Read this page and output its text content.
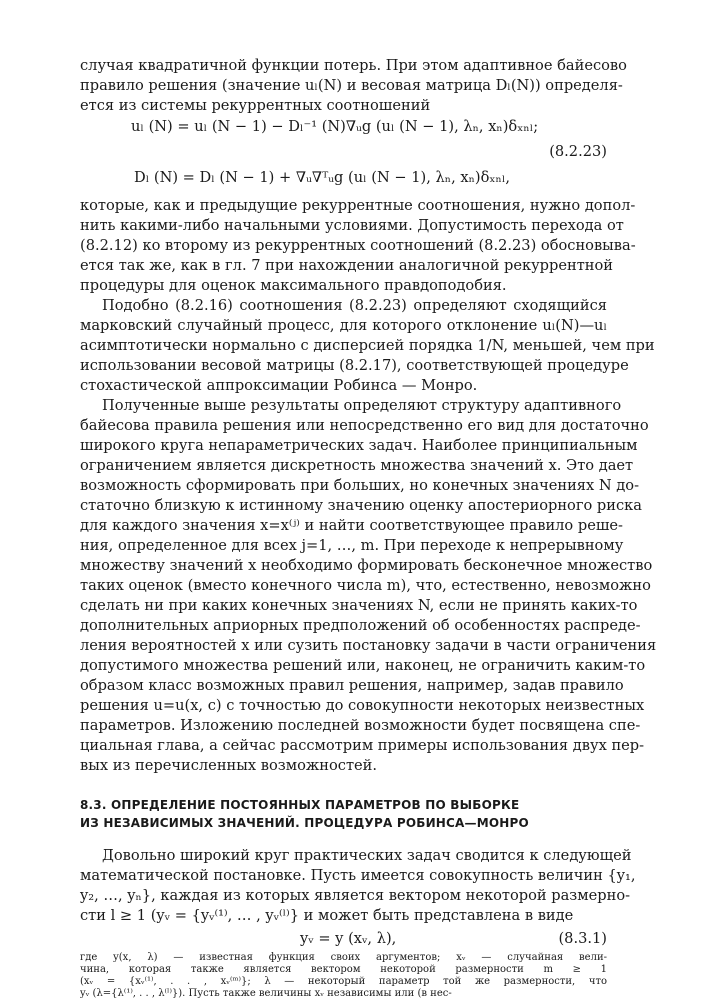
случая квадратичной функции потерь. При этом адаптивное байесово
правило решения (значение uₗ(N) и весовая матрица Dₗ(N)) определя-
ется из системы рекуррентных соотношений
uₗ (N) = uₗ (N − 1) − Dₗ⁻¹ (N)∇ᵤg (uₗ (N − 1), λₙ, xₙ)δₓₙₗ;
(8.2.23)
Dₗ (N) = Dₗ (N − 1) + ∇ᵤ∇ᵀᵤg (uₗ (N − 1), λₙ, xₙ)δₓₙₗ,
которые, как и предыдущие рекуррентные соотношения, нужно допол-
нить какими-либо начальными условиями. Допустимость перехода от
(8.2.12) ко второму из рекуррентных соотношений (8.2.23) обосновыва-
ется так же, как в гл. 7 при нахождении аналогичной рекуррентной
процедуры для оценок максимального правдоподобия.
Подобно (8.2.16) соотношения (8.2.23) определяют сходящийся
марковский случайный процесс, для которого отклонение uₗ(N)—uₗ
асимптотически нормально с дисперсией порядка 1/N, меньшей, чем при
использовании весовой матрицы (8.2.17), соответствующей процедуре
стохастической аппроксимации Робинса — Монро.
Полученные выше результаты определяют структуру адаптивного
байесова правила решения или непосредственно его вид для достаточно
широкого круга непараметрических задач. Наиболее принципиальным
ограничением является дискретность множества значений x. Это дает
возможность сформировать при больших, но конечных значениях N до-
статочно близкую к истинному значению оценку апостериорного риска
для каждого значения x=x⁽ʲ⁾ и найти соответствующее правило реше-
ния, определенное для всех j=1, …, m. При переходе к непрерывному
множеству значений x необходимо формировать бесконечное множество
таких оценок (вместо конечного числа m), что, естественно, невозможно
сделать ни при каких конечных значениях N, если не принять каких-то
дополнительных априорных предположений об особенностях распреде-
ления вероятностей x или сузить постановку задачи в части ограничения
допустимого множества решений или, наконец, не ограничить каким-то
образом класс возможных правил решения, например, задав правило
решения u=u(x, c) с точностью до совокупности некоторых неизвестных
параметров. Изложению последней возможности будет посвящена спе-
циальная глава, а сейчас рассмотрим примеры использования двух пер-
вых из перечисленных возможностей.
8.3. ОПРЕДЕЛЕНИЕ ПОСТОЯННЫХ ПАРАМЕТРОВ ПО ВЫБОРКЕ
ИЗ НЕЗАВИСИМЫХ ЗНАЧЕНИЙ. ПРОЦЕДУРА РОБИНСА—МОНРО
Довольно широкий круг практических задач сводится к следующей
математической постановке. Пусть имеется совокупность величин {y₁,
y₂, …, yₙ}, каждая из которых является вектором некоторой размерно-
сти l ≥ 1 (yᵥ = {yᵥ⁽¹⁾, … , yᵥ⁽ˡ⁾} и может быть представлена в виде
yᵥ = y (xᵥ, λ),	(8.3.1)
где y(x, λ) — известная функция своих аргументов; xᵥ — случайная вели-
чина, которая также является вектором некоторой размерности m ≥ 1
(xᵥ = {xᵥ⁽¹⁾, . . , xᵥ⁽ᵐ⁾}; λ — некоторый параметр той же размерности, что
yᵥ (λ={λ⁽¹⁾, . . , λ⁽ˡ⁾}). Пусть также величины xᵥ независимы или (в нес-
